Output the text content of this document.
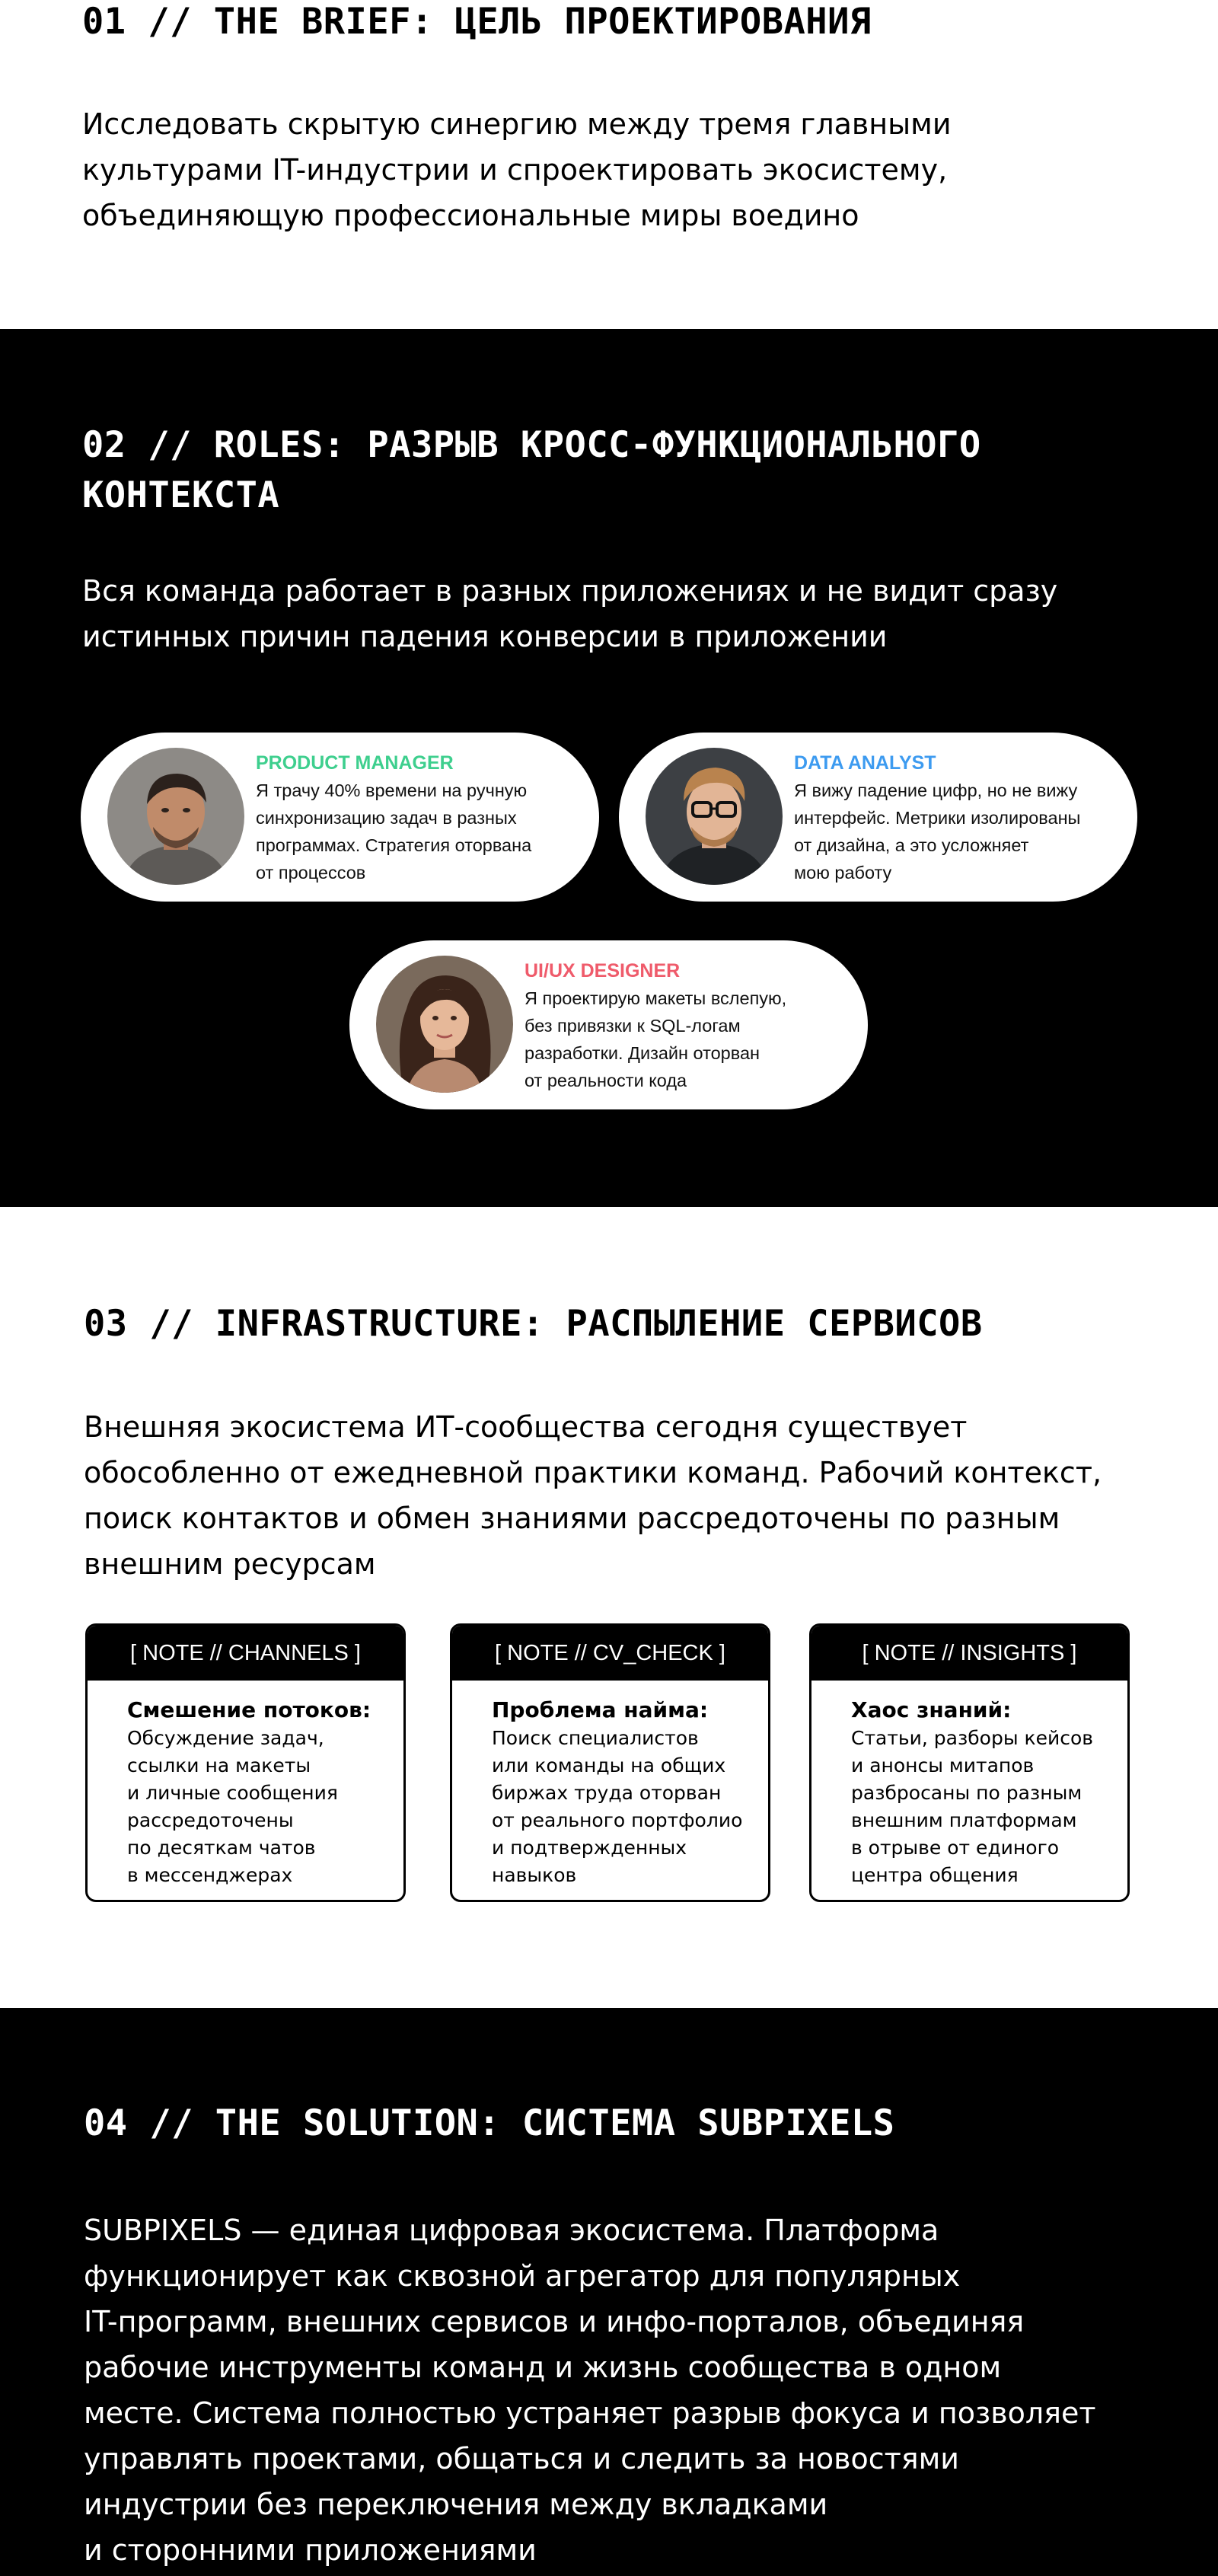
01 // THE BRIEF: ЦЕЛЬ ПРОЕКТИРОВАНИЯ

Исследовать скрытую синергию между тремя главными
культурами IT-индустрии и спроектировать экосистему,
объединяющую профессиональные миры воедино

02 // ROLES: РАЗРЫВ КРОСС-ФУНКЦИОНАЛЬНОГО
КОНТЕКСТА

Вся команда работает в разных приложениях и не видит сразу
истинных причин падения конверсии в приложении

PRODUCT MANAGER
Я трачу 40% времени на ручную
синхронизацию задач в разных
программах. Стратегия оторвана
от процессов
DATA ANALYST
Я вижу падение цифр, но не вижу
интерфейс. Метрики изолированы
от дизайна, а это усложняет
мою работу
UI/UX DESIGNER
Я проектирую макеты вслепую,
без привязки к SQL-логам
разработки. Дизайн оторван
от реальности кода
03 // INFRASTRUCTURE: РАСПЫЛЕНИЕ СЕРВИСОВ

Внешняя экосистема ИТ-сообщества сегодня существует
обособленно от ежедневной практики команд. Рабочий контекст,
поиск контактов и обмен знаниями рассредоточены по разным
внешним ресурсам

[ NOTE // CHANNELS ]
Смешение потоков:
Обсуждение задач,
ссылки на макеты
и личные сообщения
рассредоточены
по десяткам чатов
в мессенджерах
[ NOTE // CV_CHECK ]
Проблема найма:
Поиск специалистов
или команды на общих
биржах труда оторван
от реального портфолио
и подтвержденных
навыков
[ NOTE // INSIGHTS ]
Хаос знаний:
Статьи, разборы кейсов
и анонсы митапов
разбросаны по разным
внешним платформам
в отрыве от единого
центра общения
04 // THE SOLUTION: СИСТЕМА SUBPIXELS

SUBPIXELS — единая цифровая экосистема. Платформа
функционирует как сквозной агрегатор для популярных
IT-программ, внешних сервисов и инфо-порталов, объединяя
рабочие инструменты команд и жизнь сообщества в одном
месте. Система полностью устраняет разрыв фокуса и позволяет
управлять проектами, общаться и следить за новостями
индустрии без переключения между вкладками
и сторонними приложениями
